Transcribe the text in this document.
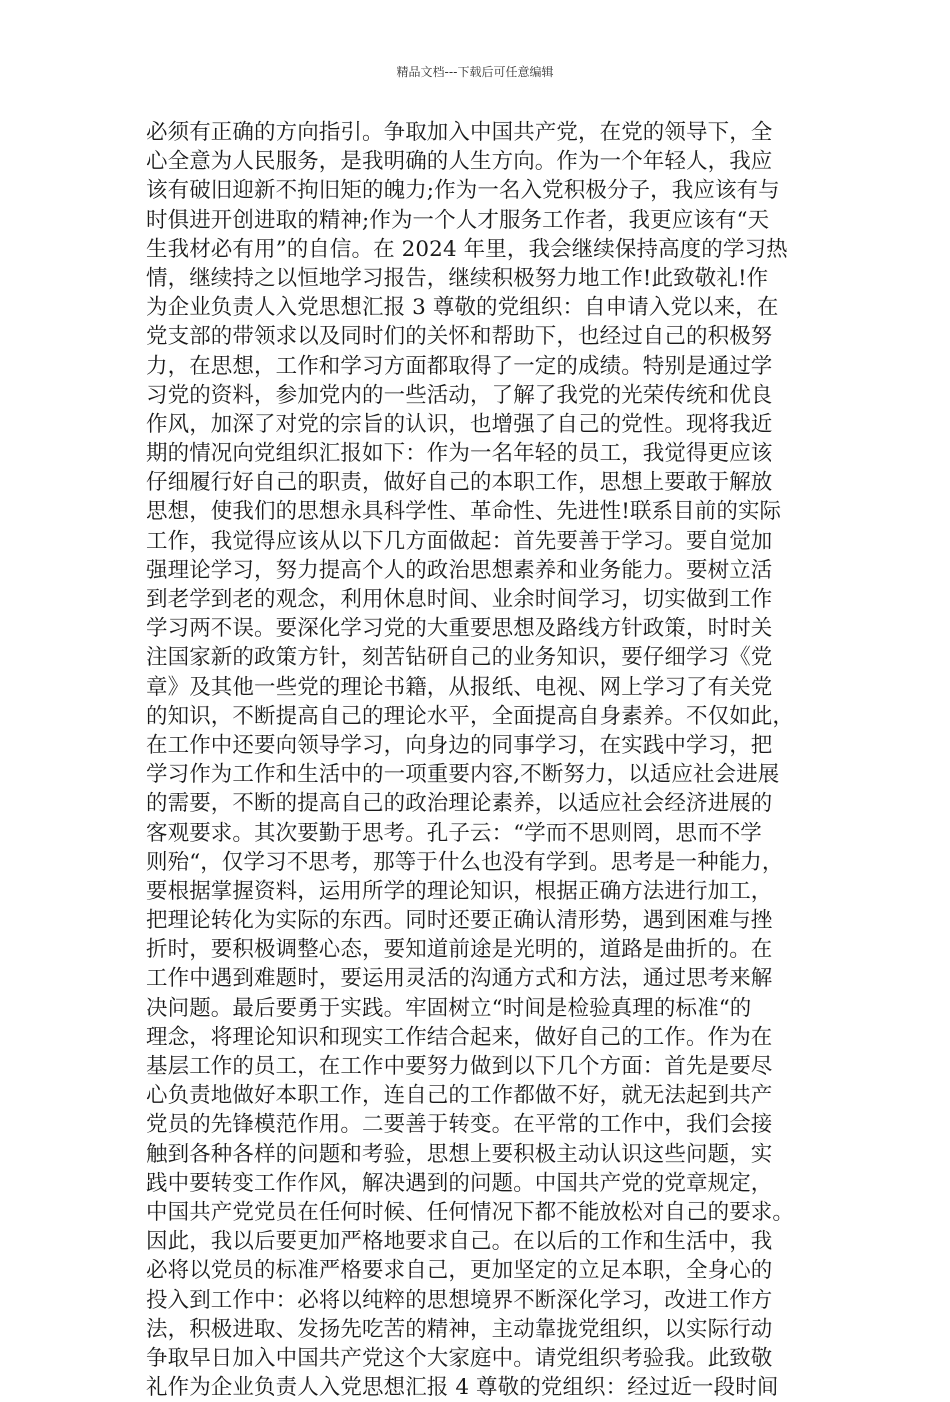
精品文档---下载后可任意编辑
必须有正确的方向指引。争取加入中国共产党，在党的领导下，全
心全意为人民服务，是我明确的人生方向。作为一个年轻人，我应
该有破旧迎新不拘旧矩的魄力;作为一名入党积极分子，我应该有与
时俱进开创进取的精神;作为一个人才服务工作者，我更应该有“天
生我材必有用”的自信。在 2024 年里，我会继续保持高度的学习热
情，继续持之以恒地学习报告，继续积极努力地工作!此致敬礼!作
为企业负责人入党思想汇报 3 尊敬的党组织：自申请入党以来，在
党支部的带领求以及同时们的关怀和帮助下，也经过自己的积极努
力，在思想，工作和学习方面都取得了一定的成绩。特别是通过学
习党的资料，参加党内的一些活动，了解了我党的光荣传统和优良
作风，加深了对党的宗旨的认识，也增强了自己的党性。现将我近
期的情况向党组织汇报如下：作为一名年轻的员工，我觉得更应该
仔细履行好自己的职责，做好自己的本职工作，思想上要敢于解放
思想，使我们的思想永具科学性、革命性、先进性!联系目前的实际
工作，我觉得应该从以下几方面做起：首先要善于学习。要自觉加
强理论学习，努力提高个人的政治思想素养和业务能力。要树立活
到老学到老的观念，利用休息时间、业余时间学习，切实做到工作
学习两不误。要深化学习党的大重要思想及路线方针政策，时时关
注国家新的政策方针，刻苦钻研自己的业务知识，要仔细学习《党
章》及其他一些党的理论书籍，从报纸、电视、网上学习了有关党
的知识，不断提高自己的理论水平，全面提高自身素养。不仅如此，
在工作中还要向领导学习，向身边的同事学习，在实践中学习，把
学习作为工作和生活中的一项重要内容,不断努力，以适应社会进展
的需要，不断的提高自己的政治理论素养，以适应社会经济进展的
客观要求。其次要勤于思考。孔子云：“学而不思则罔，思而不学
则殆“，仅学习不思考，那等于什么也没有学到。思考是一种能力，
要根据掌握资料，运用所学的理论知识，根据正确方法进行加工，
把理论转化为实际的东西。同时还要正确认清形势，遇到困难与挫
折时，要积极调整心态，要知道前途是光明的，道路是曲折的。在
工作中遇到难题时，要运用灵活的沟通方式和方法，通过思考来解
决问题。最后要勇于实践。牢固树立“时间是检验真理的标准“的
理念，将理论知识和现实工作结合起来，做好自己的工作。作为在
基层工作的员工，在工作中要努力做到以下几个方面：首先是要尽
心负责地做好本职工作，连自己的工作都做不好，就无法起到共产
党员的先锋模范作用。二要善于转变。在平常的工作中，我们会接
触到各种各样的问题和考验，思想上要积极主动认识这些问题，实
践中要转变工作作风，解决遇到的问题。中国共产党的党章规定，
中国共产党党员在任何时候、任何情况下都不能放松对自己的要求。
因此，我以后要更加严格地要求自己。在以后的工作和生活中，我
必将以党员的标准严格要求自己，更加坚定的立足本职，全身心的
投入到工作中：必将以纯粹的思想境界不断深化学习，改进工作方
法，积极进取、发扬先吃苦的精神，主动靠拢党组织，以实际行动
争取早日加入中国共产党这个大家庭中。请党组织考验我。此致敬
礼作为企业负责人入党思想汇报 4 尊敬的党组织：经过近一段时间
